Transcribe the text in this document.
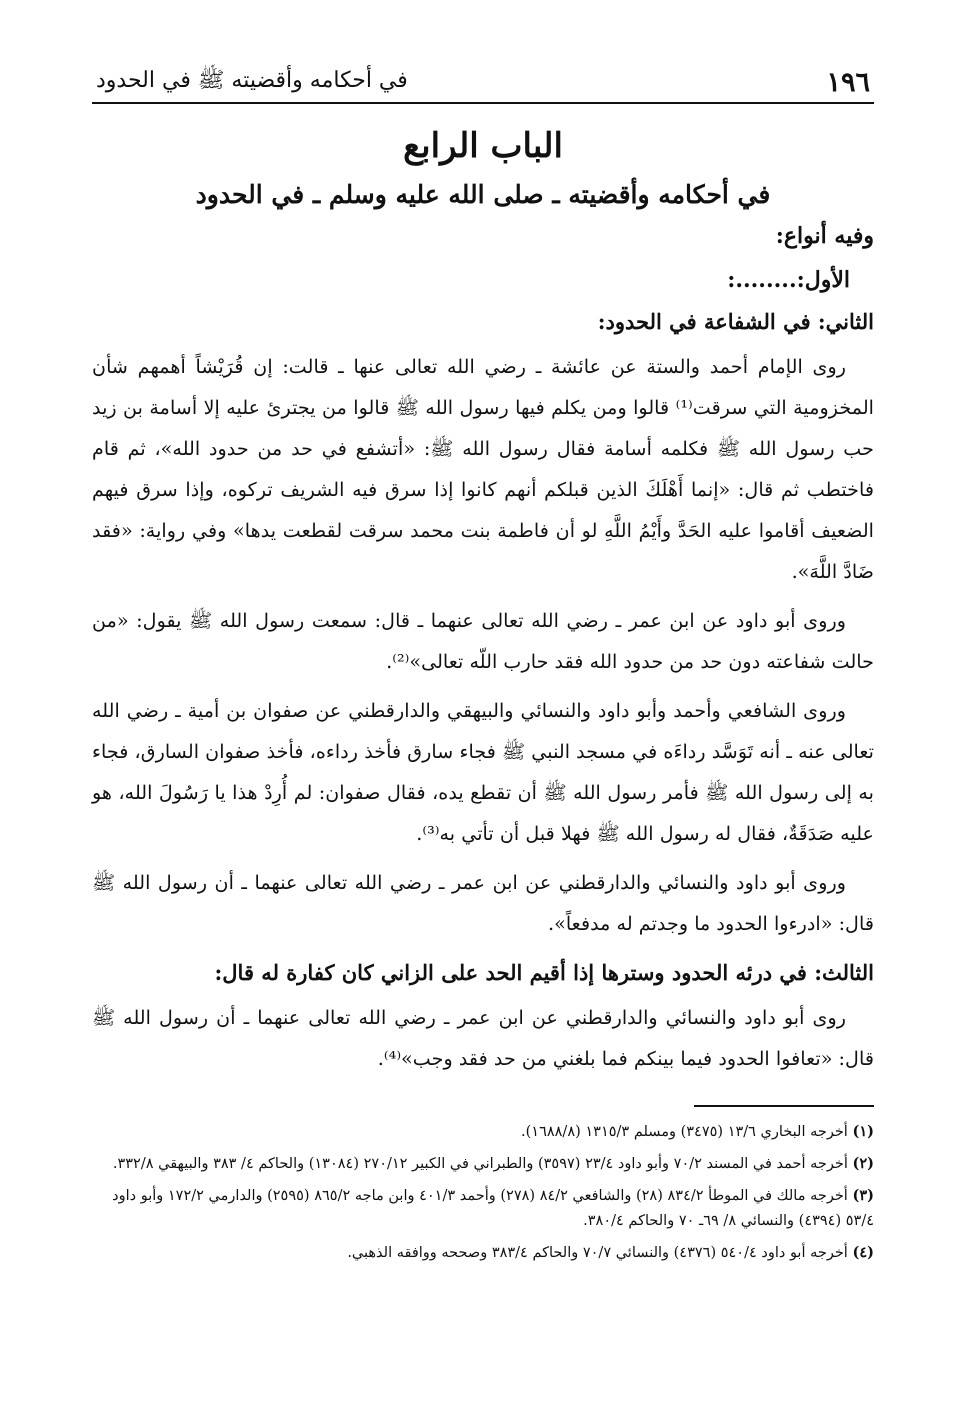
١٩٦
في أحكامه وأقضيته ﷺ في الحدود
الباب الرابع
في أحكامه وأقضيته ـ صلى الله عليه وسلم ـ في الحدود
وفيه أنواع:
الأول:........:
الثاني: في الشفاعة في الحدود:

روى الإمام أحمد والستة عن عائشة ـ رضي الله تعالى عنها ـ قالت: إن قُرَيْشاً أهمهم شأن المخزومية التي سرقت⁽¹⁾ قالوا ومن يكلم فيها رسول الله ﷺ قالوا من يجترئ عليه إلا أسامة بن زيد حب رسول الله ﷺ فكلمه أسامة فقال رسول الله ﷺ: «أتشفع في حد من حدود الله»، ثم قام فاختطب ثم قال: «إنما أَهْلَكَ الذين قبلكم أنهم كانوا إذا سرق فيه الشريف تركوه، وإذا سرق فيهم الضعيف أقاموا عليه الحَدَّ وأَيْمُ اللَّهِ لو أن فاطمة بنت محمد سرقت لقطعت يدها» وفي رواية: «فقد ضَادَّ اللَّهَ».

وروى أبو داود عن ابن عمر ـ رضي الله تعالى عنهما ـ قال: سمعت رسول الله ﷺ يقول: «من حالت شفاعته دون حد من حدود الله فقد حارب اللّه تعالى»⁽²⁾.

وروى الشافعي وأحمد وأبو داود والنسائي والبيهقي والدارقطني عن صفوان بن أمية ـ رضي الله تعالى عنه ـ أنه تَوَسَّد رداءَه في مسجد النبي ﷺ فجاء سارق فأخذ رداءه، فأخذ صفوان السارق، فجاء به إلى رسول الله ﷺ فأمر رسول الله ﷺ أن تقطع يده، فقال صفوان: لم أُرِدْ هذا يا رَسُولَ الله، هو عليه صَدَقَةٌ، فقال له رسول الله ﷺ فهلا قبل أن تأتي به⁽³⁾.

وروى أبو داود والنسائي والدارقطني عن ابن عمر ـ رضي الله تعالى عنهما ـ أن رسول الله ﷺ قال: «ادرءوا الحدود ما وجدتم له مدفعاً».

الثالث: في درئه الحدود وسترها إذا أقيم الحد على الزاني كان كفارة له قال:

روى أبو داود والنسائي والدارقطني عن ابن عمر ـ رضي الله تعالى عنهما ـ أن رسول الله ﷺ قال: «تعافوا الحدود فيما بينكم فما بلغني من حد فقد وجب»⁽⁴⁾.

(١) أخرجه البخاري ١٣/٦ (٣٤٧٥) ومسلم ١٣١٥/٣ (١٦٨٨/٨).
(٢) أخرجه أحمد في المسند ٧٠/٢ وأبو داود ٢٣/٤ (٣٥٩٧) والطبراني في الكبير ٢٧٠/١٢ (١٣٠٨٤) والحاكم ٤/ ٣٨٣ والبيهقي ٣٣٢/٨.
(٣) أخرجه مالك في الموطأ ٨٣٤/٢ (٢٨) والشافعي ٨٤/٢ (٢٧٨) وأحمد ٤٠١/٣ وابن ماجه ٨٦٥/٢ (٢٥٩٥) والدارمي ١٧٢/٢ وأبو داود ٥٣/٤ (٤٣٩٤) والنسائي ٨/ ٦٩ـ ٧٠ والحاكم ٣٨٠/٤.
(٤) أخرجه أبو داود ٥٤٠/٤ (٤٣٧٦) والنسائي ٧٠/٧ والحاكم ٣٨٣/٤ وصححه ووافقه الذهبي.
